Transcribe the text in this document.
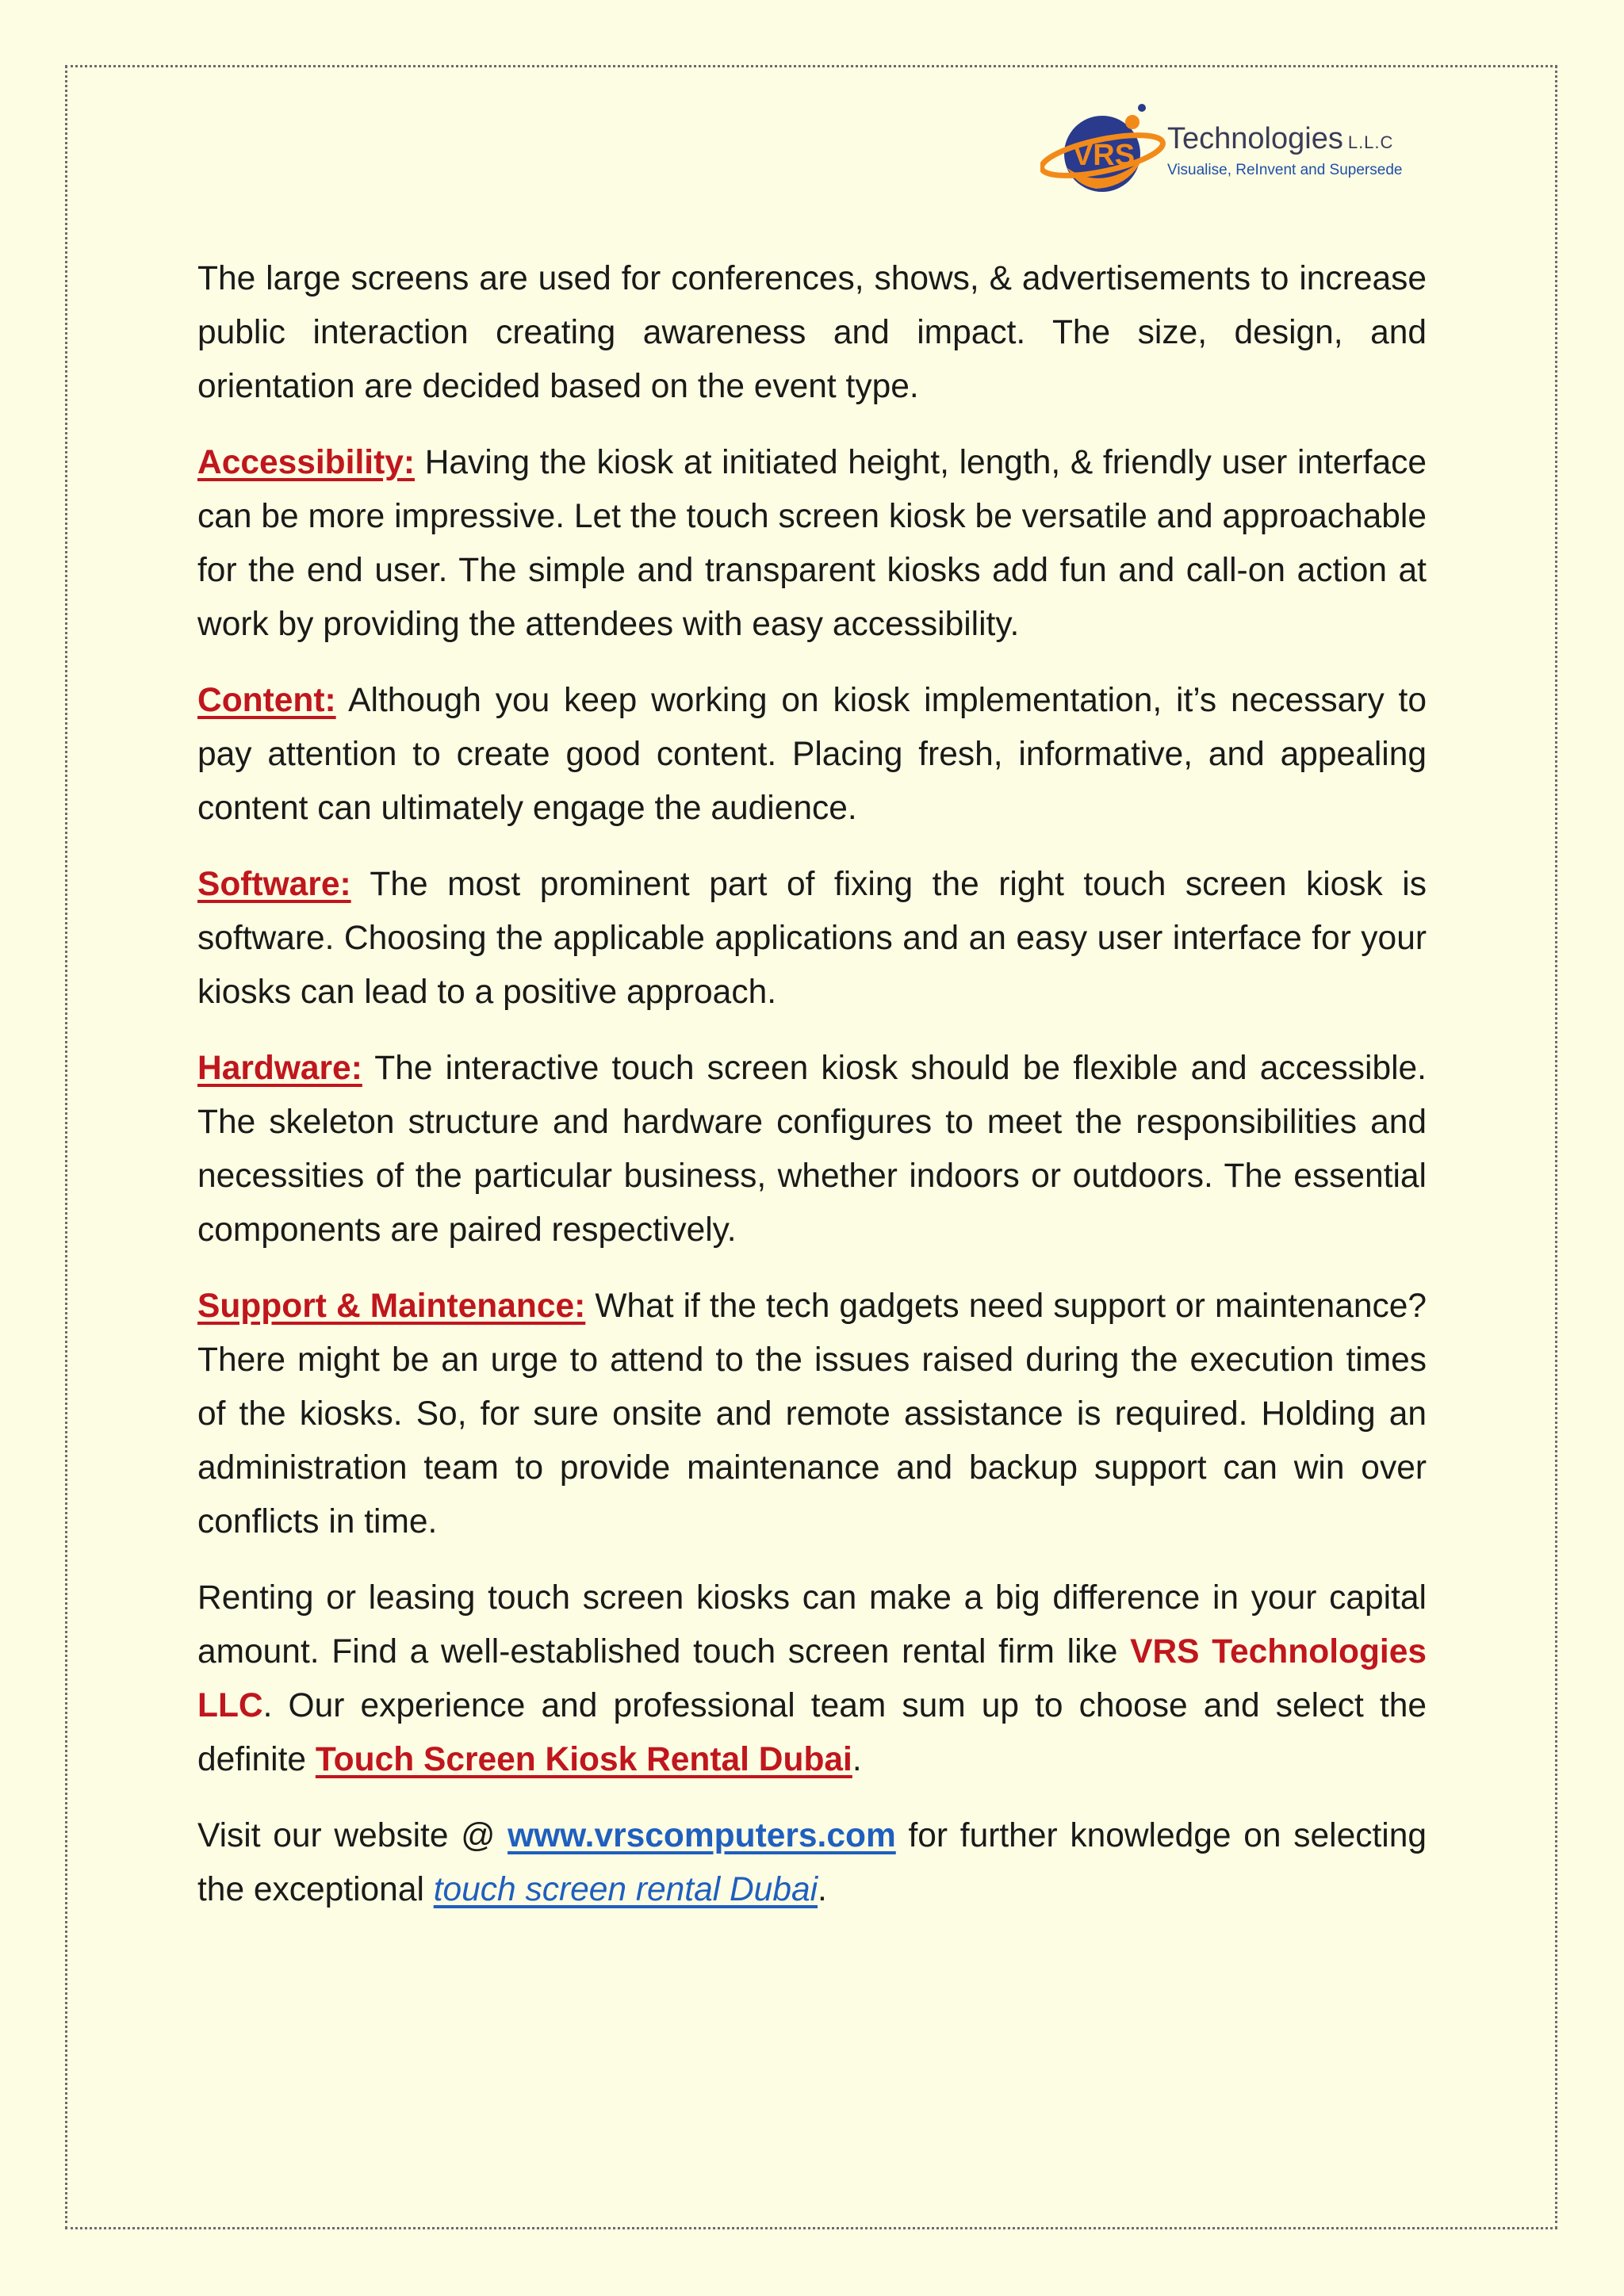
VRS Technologies L.L.C
Visualise, ReInvent and Supersede

The large screens are used for conferences, shows, & advertisements to increase public interaction creating awareness and impact. The size, design, and orientation are decided based on the event type.

Accessibility: Having the kiosk at initiated height, length, & friendly user interface can be more impressive. Let the touch screen kiosk be versatile and approachable for the end user. The simple and transparent kiosks add fun and call-on action at work by providing the attendees with easy accessibility.

Content: Although you keep working on kiosk implementation, it’s necessary to pay attention to create good content. Placing fresh, informative, and appealing content can ultimately engage the audience.

Software: The most prominent part of fixing the right touch screen kiosk is software. Choosing the applicable applications and an easy user interface for your kiosks can lead to a positive approach.

Hardware: The interactive touch screen kiosk should be flexible and accessible. The skeleton structure and hardware configures to meet the responsibilities and necessities of the particular business, whether indoors or outdoors. The essential components are paired respectively.

Support & Maintenance: What if the tech gadgets need support or maintenance? There might be an urge to attend to the issues raised during the execution times of the kiosks. So, for sure onsite and remote assistance is required. Holding an administration team to provide maintenance and backup support can win over conflicts in time.

Renting or leasing touch screen kiosks can make a big difference in your capital amount. Find a well-established touch screen rental firm like VRS Technologies LLC. Our experience and professional team sum up to choose and select the definite Touch Screen Kiosk Rental Dubai.

Visit our website @ www.vrscomputers.com for further knowledge on selecting the exceptional touch screen rental Dubai.
